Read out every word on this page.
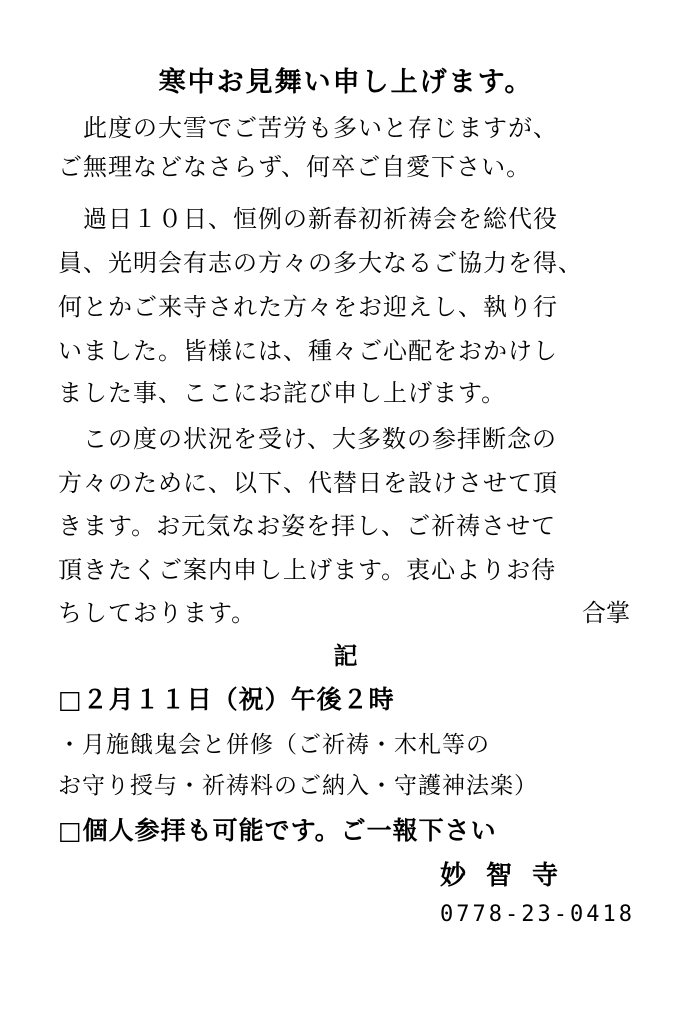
寒中お見舞い申し上げます。
　此度の大雪でご苦労も多いと存じますが、
ご無理などなさらず、何卒ご自愛下さい。
　過日１０日、恒例の新春初祈祷会を総代役
員、光明会有志の方々の多大なるご協力を得、
何とかご来寺された方々をお迎えし、執り行
いました。皆様には、種々ご心配をおかけし
ました事、ここにお詫び申し上げます。
　この度の状況を受け、大多数の参拝断念の
方々のために、以下、代替日を設けさせて頂
きます。お元気なお姿を拝し、ご祈祷させて
頂きたくご案内申し上げます。衷心よりお待
ちしております。	合掌
記
□２月１１日（祝）午後２時
・月施餓鬼会と併修（ご祈祷・木札等の
お守り授与・祈祷料のご納入・守護神法楽）
□個人参拝も可能です。ご一報下さい
妙智寺
0778-23-0418
